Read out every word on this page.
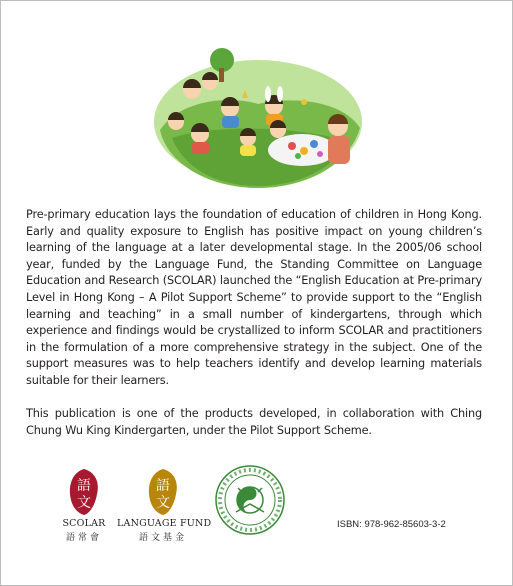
Pre-primary education lays the foundation of education of children in Hong Kong. Early and quality exposure to English has positive impact on young children’s learning of the language at a later developmental stage. In the 2005/06 school year, funded by the Language Fund, the Standing Committee on Language Education and Research (SCOLAR) launched the “English Education at Pre-primary Level in Hong Kong – A Pilot Support Scheme” to provide support to the “English learning and teaching” in a small number of kindergartens, through which experience and findings would be crystallized to inform SCOLAR and practitioners in the formulation of a more comprehensive strategy in the subject. One of the support measures was to help teachers identify and develop learning materials suitable for their learners.

This publication is one of the products developed, in collaboration with Ching Chung Wu King Kindergarten, under the Pilot Support Scheme.

語
文
SCOLAR
語常會
語
文
LANGUAGE FUND
語文基金
ISBN: 978-962-85603-3-2
